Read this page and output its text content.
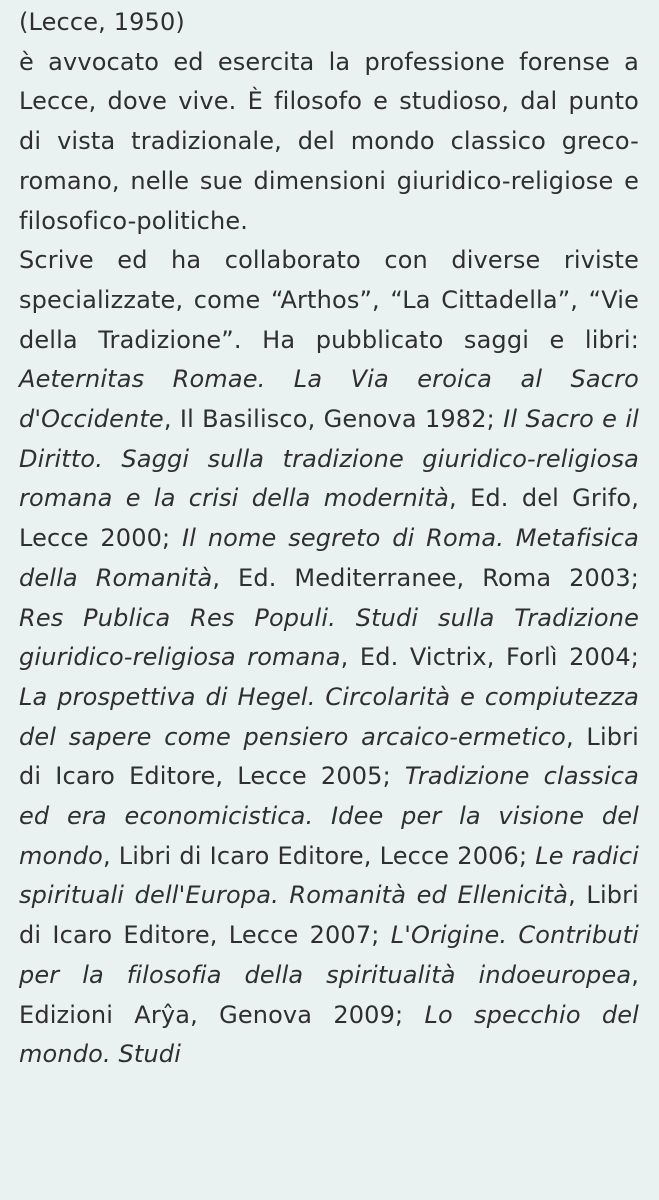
(Lecce, 1950)

è avvocato ed esercita la professione forense a Lecce, dove vive. È filosofo e studioso, dal punto di vista tradizionale, del mondo classico greco-romano, nelle sue dimensioni giuridico-religiose e filosofico-politiche.

Scrive ed ha collaborato con diverse riviste specializzate, come “Arthos”, “La Cittadella”, “Vie della Tradizione”. Ha pubblicato saggi e libri: Aeternitas Romae. La Via eroica al Sacro d'Occidente, Il Basilisco, Genova 1982; Il Sacro e il Diritto. Saggi sulla tradizione giuridico-religiosa romana e la crisi della modernità, Ed. del Grifo, Lecce 2000; Il nome segreto di Roma. Metafisica della Romanità, Ed. Mediterranee, Roma 2003; Res Publica Res Populi. Studi sulla Tradizione giuridico-religiosa romana, Ed. Victrix, Forlì 2004; La prospettiva di Hegel. Circolarità e compiutezza del sapere come pensiero arcaico-ermetico, Libri di Icaro Editore, Lecce 2005; Tradizione classica ed era economicistica. Idee per la visione del mondo, Libri di Icaro Editore, Lecce 2006; Le radici spirituali dell'Europa. Romanità ed Ellenicità, Libri di Icaro Editore, Lecce 2007; L'Origine. Contributi per la filosofia della spiritualità indoeuropea, Edizioni Arŷa, Genova 2009; Lo specchio del mondo. Studi
